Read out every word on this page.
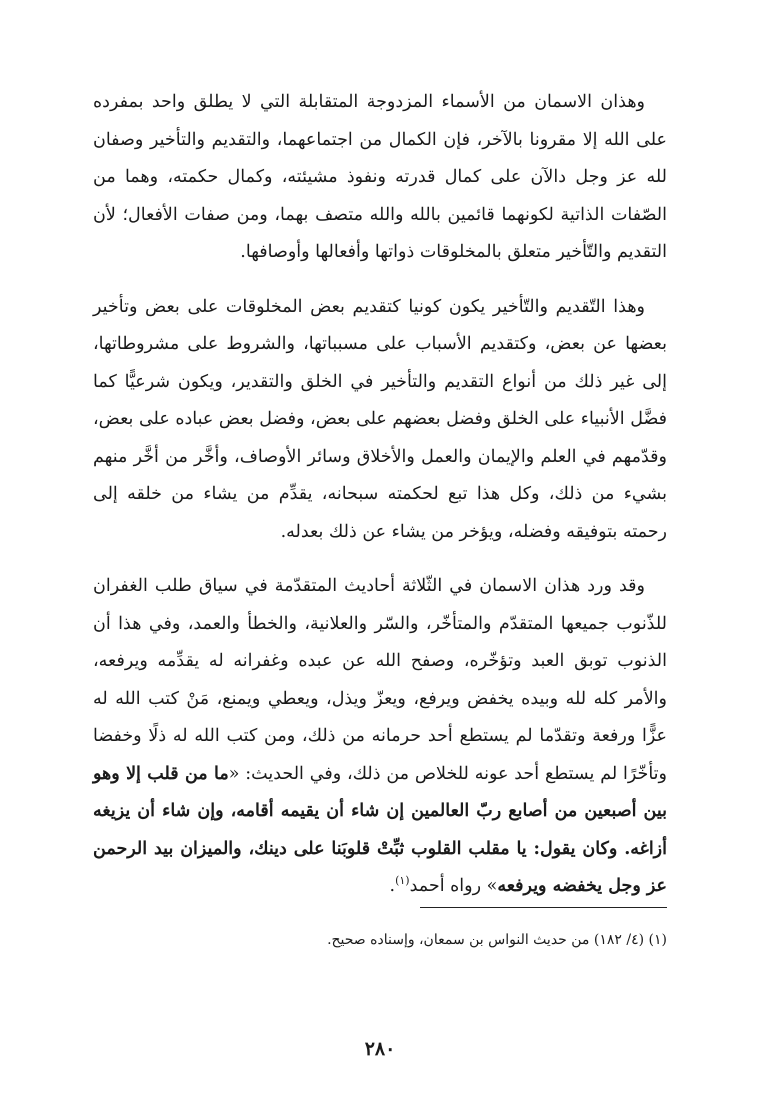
وهذان الاسمان من الأسماء المزدوجة المتقابلة التي لا يطلق واحد بمفرده على الله إلا مقرونا بالآخر، فإن الكمال من اجتماعهما، والتقديم والتأخير وصفان لله عز وجل دالآن على كمال قدرته ونفوذ مشيئته، وكمال حكمته، وهما من الصّفات الذاتية لكونهما قائمين بالله والله متصف بهما، ومن صفات الأفعال؛ لأن التقديم والتّأخير متعلق بالمخلوقات ذواتها وأفعالها وأوصافها.

وهذا التّقديم والتّأخير يكون كونيا كتقديم بعض المخلوقات على بعض وتأخير بعضها عن بعض، وكتقديم الأسباب على مسبباتها، والشروط على مشروطاتها، إلى غير ذلك من أنواع التقديم والتأخير في الخلق والتقدير، ويكون شرعيًّا كما فضَّل الأنبياء على الخلق وفضل بعضهم على بعض، وفضل بعض عباده على بعض، وقدّمهم في العلم والإيمان والعمل والأخلاق وسائر الأوصاف، وأخَّر من أخَّر منهم بشيء من ذلك، وكل هذا تبع لحكمته سبحانه، يقدِّم من يشاء من خلقه إلى رحمته بتوفيقه وفضله، ويؤخر من يشاء عن ذلك بعدله.

وقد ورد هذان الاسمان في الثّلاثة أحاديث المتقدّمة في سياق طلب الغفران للذّنوب جميعها المتقدّم والمتأخّر، والسّر والعلانية، والخطأ والعمد، وفي هذا أن الذنوب توبق العبد وتؤخّره، وصفح الله عن عبده وغفرانه له يقدِّمه ويرفعه، والأمر كله لله وبيده يخفض ويرفع، ويعزّ ويذل، ويعطي ويمنع، مَنْ كتب الله له عزًّا ورفعة وتقدّما لم يستطع أحد حرمانه من ذلك، ومن كتب الله له ذلًا وخفضا وتأخّرًا لم يستطع أحد عونه للخلاص من ذلك، وفي الحديث: «ما من قلب إلا وهو بين أصبعين من أصابع ربّ العالمين إن شاء أن يقيمه أقامه، وإن شاء أن يزيغه أزاغه. وكان يقول: يا مقلب القلوب ثبِّتْ قلوبَنا على دينك، والميزان بيد الرحمن عز وجل يخفضه ويرفعه» رواه أحمد$^{(١)}$.

(١) (٤/ ١٨٢) من حديث النواس بن سمعان، وإسناده صحيح.
٢٨٠
